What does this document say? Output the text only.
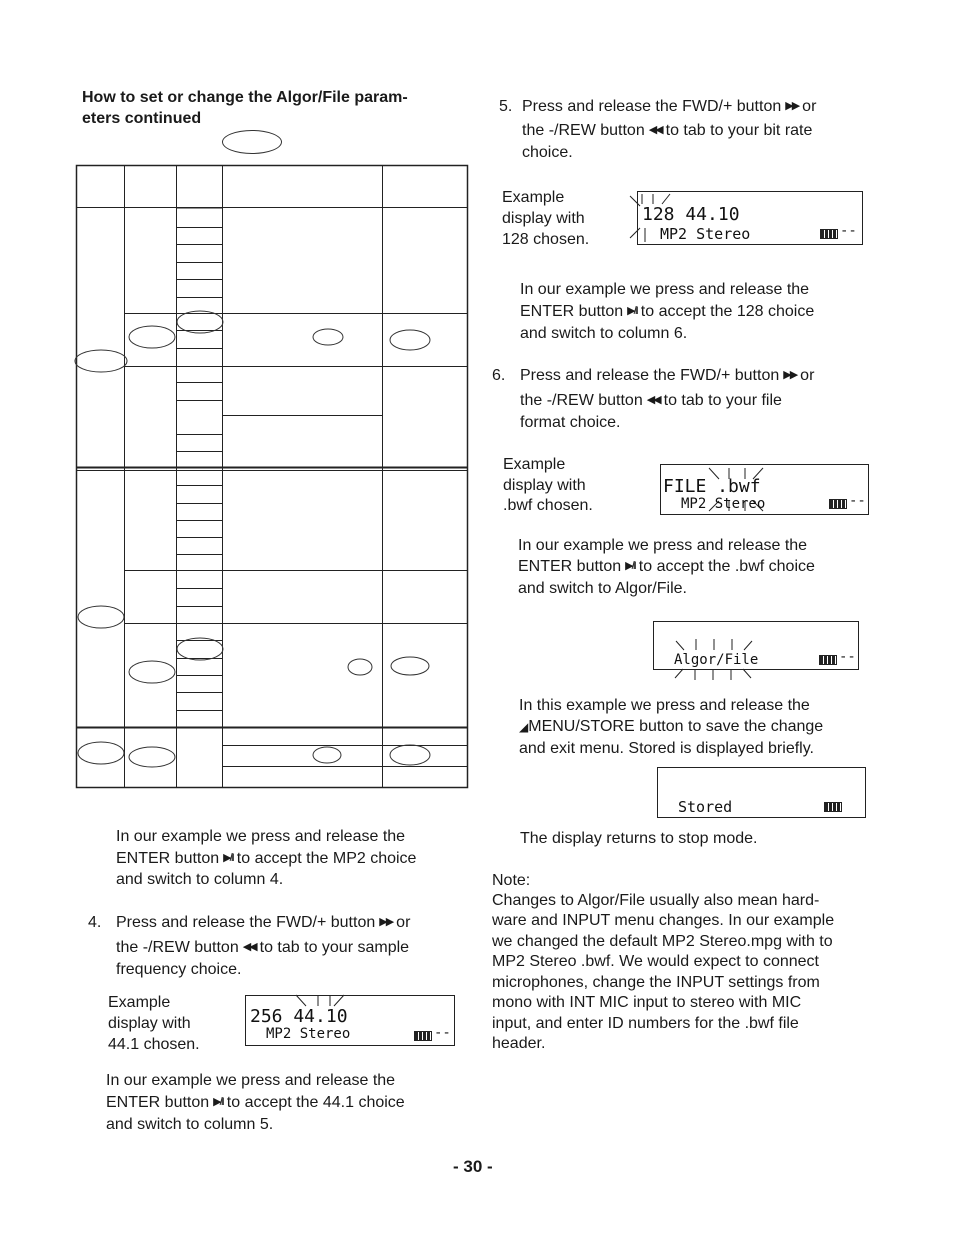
How to set or change the Algor/File param-
eters continued
In our example we press and release the
ENTER button ▶/II to accept the MP2 choice
and switch to column 4.
4. Press and release the FWD/+ button ▶▶ or
the -/REW button ◀◀ to tab to your sample
frequency choice.
Example
display with
44.1 chosen.
256 44.10
MP2 Stereo	--
In our example we press and release the
ENTER button ▶/II to accept the 44.1 choice
and switch to column 5.
5. Press and release the FWD/+ button ▶▶ or
the -/REW button ◀◀ to tab to your bit rate
choice.
Example
display with
128 chosen.
128 44.10
MP2 Stereo	--
In our example we press and release the
ENTER button ▶/II to accept the 128 choice
and switch to column 6.
6. Press and release the FWD/+ button ▶▶ or
the -/REW button ◀◀ to tab to your file
format choice.
Example
display with
.bwf chosen.
FILE .bwf
MP2 Stereo	--
In our example we press and release the
ENTER button ▶/II to accept the .bwf choice
and switch to Algor/File.
Algor/File	--
In this example we press and release the
◢MENU/STORE button to save the change
and exit menu. Stored is displayed briefly.
Stored
The display returns to stop mode.
Note:
Changes to Algor/File usually also mean hard-
ware and INPUT menu changes. In our example
we changed the default MP2 Stereo.mpg with to
MP2 Stereo .bwf. We would expect to connect
microphones, change the INPUT settings from
mono with INT MIC input to stereo with MIC
input, and enter ID numbers for the .bwf file
header.
- 30 -
